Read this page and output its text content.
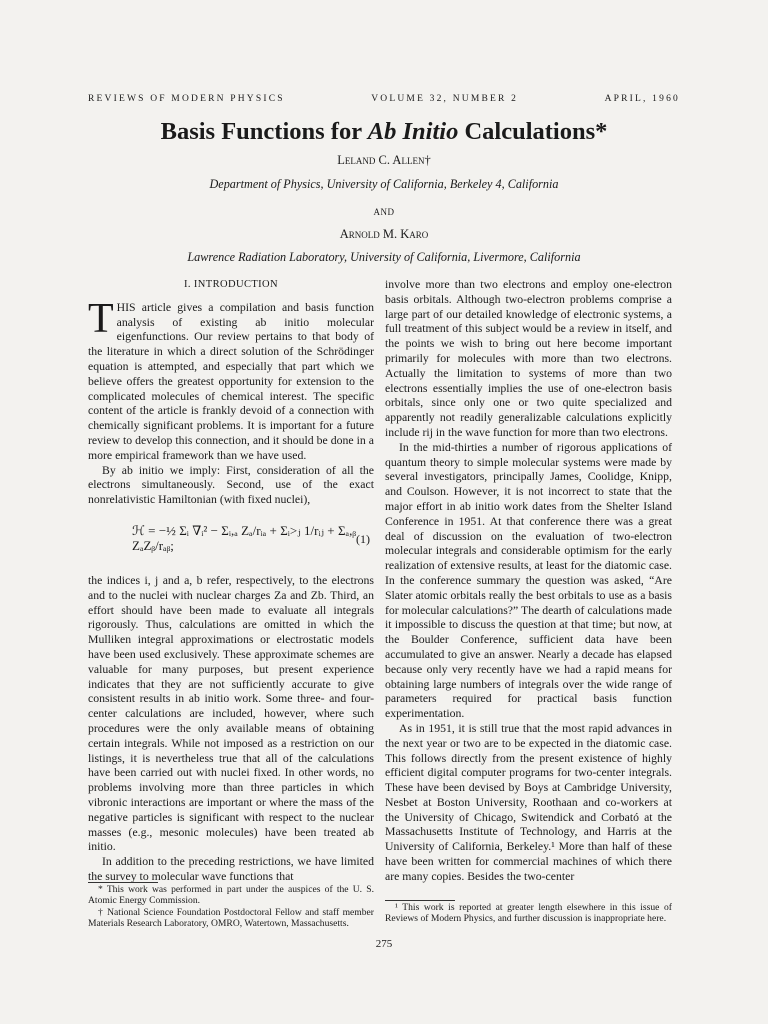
REVIEWS OF MODERN PHYSICS	VOLUME 32, NUMBER 2	APRIL, 1960
Basis Functions for Ab Initio Calculations*
Leland C. Allen†
Department of Physics, University of California, Berkeley 4, California
AND
Arnold M. Karo
Lawrence Radiation Laboratory, University of California, Livermore, California
I. INTRODUCTION

THIS article gives a compilation and basis function analysis of existing ab initio molecular eigenfunctions. Our review pertains to that body of the literature in which a direct solution of the Schrödinger equation is attempted, and especially that part which we believe offers the greatest opportunity for extension to the complicated molecules of chemical interest. The specific content of the article is frankly devoid of a connection with chemically significant problems. It is important for a future review to develop this connection, and it should be done in a more empirical framework than we have used.

By ab initio we imply: First, consideration of all the electrons simultaneously. Second, use of the exact nonrelativistic Hamiltonian (with fixed nuclei),

ℋ = −½ Σᵢ ∇ᵢ² − Σᵢ,ₐ Zₐ/rᵢₐ + Σᵢ>ⱼ 1/rᵢⱼ + Σₐ,ᵦ ZₐZᵦ/rₐᵦ;	(1)

the indices i, j and a, b refer, respectively, to the electrons and to the nuclei with nuclear charges Za and Zb. Third, an effort should have been made to evaluate all integrals rigorously. Thus, calculations are omitted in which the Mulliken integral approximations or electrostatic models have been used exclusively. These approximate schemes are valuable for many purposes, but present experience indicates that they are not sufficiently accurate to give consistent results in ab initio work. Some three- and four-center calculations are included, however, where such procedures were the only available means of obtaining certain integrals. While not imposed as a restriction on our listings, it is nevertheless true that all of the calculations have been carried out with nuclei fixed. In other words, no problems involving more than three particles in which vibronic interactions are important or where the mass of the negative particles is significant with respect to the nuclear masses (e.g., mesonic molecules) have been treated ab initio.

In addition to the preceding restrictions, we have limited the survey to molecular wave functions that

involve more than two electrons and employ one-electron basis orbitals. Although two-electron problems comprise a large part of our detailed knowledge of electronic systems, a full treatment of this subject would be a review in itself, and the points we wish to bring out here become important primarily for molecules with more than two electrons. Actually the limitation to systems of more than two electrons essentially implies the use of one-electron basis orbitals, since only one or two quite specialized and apparently not readily generalizable calculations explicitly include rij in the wave function for more than two electrons.

In the mid-thirties a number of rigorous applications of quantum theory to simple molecular systems were made by several investigators, principally James, Coolidge, Knipp, and Coulson. However, it is not incorrect to state that the major effort in ab initio work dates from the Shelter Island Conference in 1951. At that conference there was a great deal of discussion on the evaluation of two-electron molecular integrals and considerable optimism for the early realization of extensive results, at least for the diatomic case. In the conference summary the question was asked, “Are Slater atomic orbitals really the best orbitals to use as a basis for molecular calculations?” The dearth of calculations made it impossible to discuss the question at that time; but now, at the Boulder Conference, sufficient data have been accumulated to give an answer. Nearly a decade has elapsed because only very recently have we had a rapid means for obtaining large numbers of integrals over the wide range of parameters required for practical basis function experimentation.

As in 1951, it is still true that the most rapid advances in the next year or two are to be expected in the diatomic case. This follows directly from the present existence of highly efficient digital computer programs for two-center integrals. These have been devised by Boys at Cambridge University, Nesbet at Boston University, Roothaan and co-workers at the University of Chicago, Switendick and Corbató at the Massachusetts Institute of Technology, and Harris at the University of California, Berkeley.¹ More than half of these have been written for commercial machines of which there are many copies. Besides the two-center

* This work was performed in part under the auspices of the U. S. Atomic Energy Commission.

† National Science Foundation Postdoctoral Fellow and staff member Materials Research Laboratory, OMRO, Watertown, Massachusetts.

¹ This work is reported at greater length elsewhere in this issue of Reviews of Modern Physics, and further discussion is inappropriate here.

275
